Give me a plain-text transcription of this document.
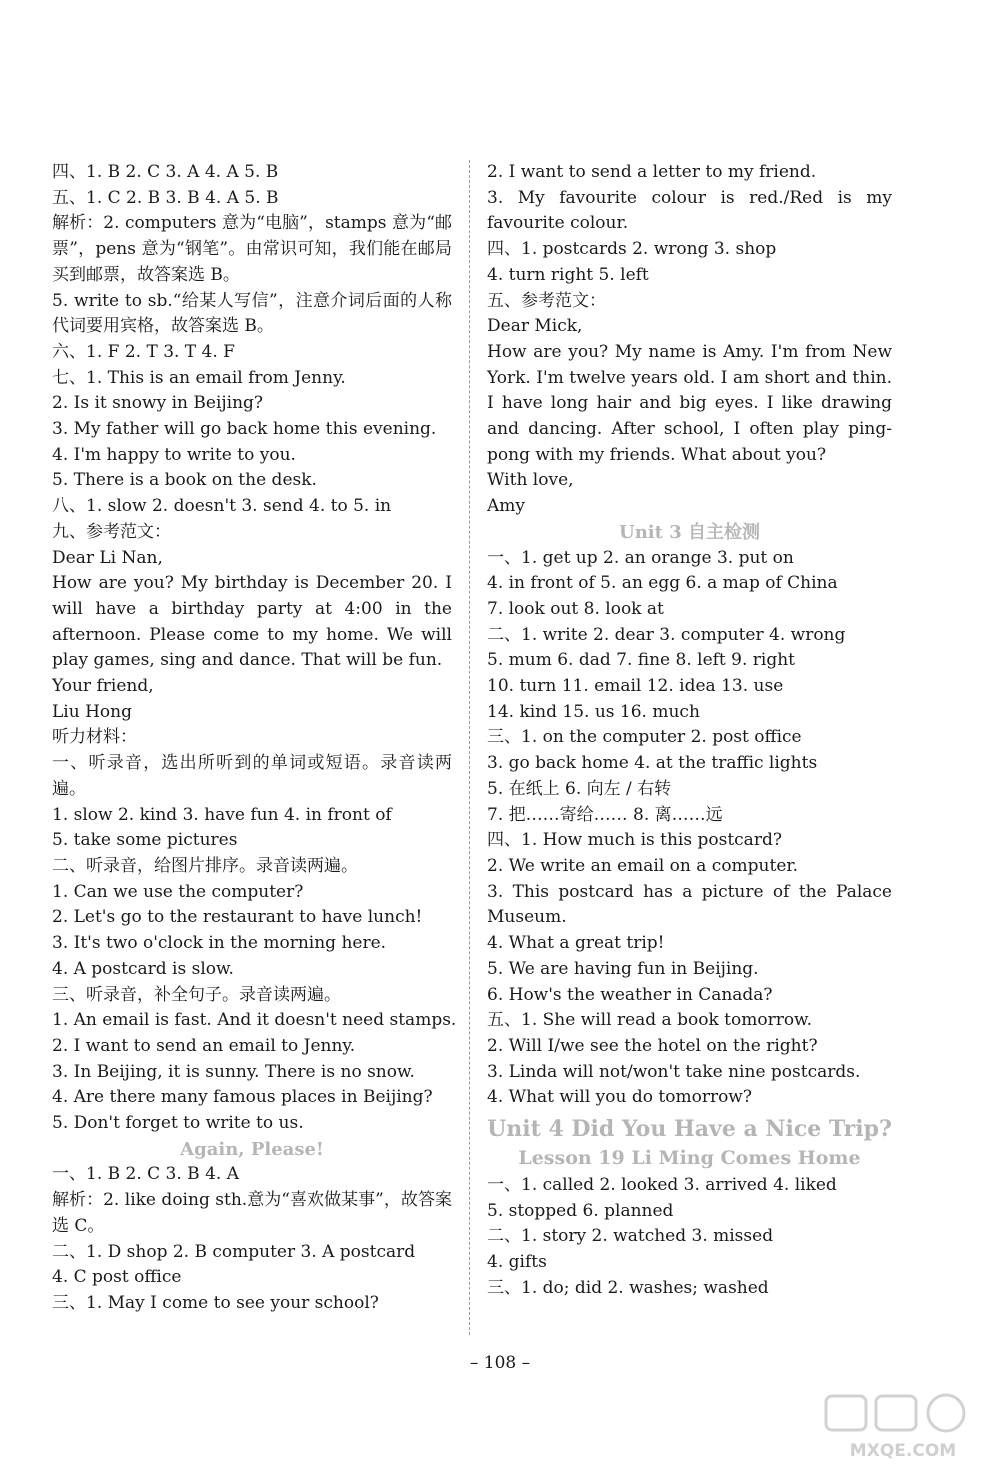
四、1. B 2. C 3. A 4. A 5. B
五、1. C 2. B 3. B 4. A 5. B
解析：2. computers 意为“电脑”，stamps 意为“邮票”，pens 意为“钢笔”。由常识可知，我们能在邮局买到邮票，故答案选 B。
5. write to sb.“给某人写信”，注意介词后面的人称代词要用宾格，故答案选 B。
六、1. F 2. T 3. T 4. F
七、1. This is an email from Jenny.
2. Is it snowy in Beijing?
3. My father will go back home this evening.
4. I'm happy to write to you.
5. There is a book on the desk.
八、1. slow 2. doesn't 3. send 4. to 5. in
九、参考范文：
Dear Li Nan,
How are you? My birthday is December 20. I will have a birthday party at 4:00 in the afternoon. Please come to my home. We will play games, sing and dance. That will be fun.
Your friend,
Liu Hong
听力材料：
一、听录音，选出所听到的单词或短语。录音读两遍。
1. slow 2. kind 3. have fun 4. in front of
5. take some pictures
二、听录音，给图片排序。录音读两遍。
1. Can we use the computer?
2. Let's go to the restaurant to have lunch!
3. It's two o'clock in the morning here.
4. A postcard is slow.
三、听录音，补全句子。录音读两遍。
1. An email is fast. And it doesn't need stamps.
2. I want to send an email to Jenny.
3. In Beijing, it is sunny. There is no snow.
4. Are there many famous places in Beijing?
5. Don't forget to write to us.
Again, Please!
一、1. B 2. C 3. B 4. A
解析：2. like doing sth.意为“喜欢做某事”，故答案选 C。
二、1. D shop 2. B computer 3. A postcard
4. C post office
三、1. May I come to see your school?
2. I want to send a letter to my friend.
3. My favourite colour is red./Red is my favourite colour.
四、1. postcards 2. wrong 3. shop
4. turn right 5. left
五、参考范文：
Dear Mick,
How are you? My name is Amy. I'm from New York. I'm twelve years old. I am short and thin. I have long hair and big eyes. I like drawing and dancing. After school, I often play ping-pong with my friends. What about you?
With love,
Amy
Unit 3 自主检测
一、1. get up 2. an orange 3. put on
4. in front of 5. an egg 6. a map of China
7. look out 8. look at
二、1. write 2. dear 3. computer 4. wrong
5. mum 6. dad 7. fine 8. left 9. right
10. turn 11. email 12. idea 13. use
14. kind 15. us 16. much
三、1. on the computer 2. post office
3. go back home 4. at the traffic lights
5. 在纸上 6. 向左 / 右转
7. 把……寄给…… 8. 离……远
四、1. How much is this postcard?
2. We write an email on a computer.
3. This postcard has a picture of the Palace Museum.
4. What a great trip!
5. We are having fun in Beijing.
6. How's the weather in Canada?
五、1. She will read a book tomorrow.
2. Will I/we see the hotel on the right?
3. Linda will not/won't take nine postcards.
4. What will you do tomorrow?
Unit 4 Did You Have a Nice Trip?
Lesson 19 Li Ming Comes Home
一、1. called 2. looked 3. arrived 4. liked
5. stopped 6. planned
二、1. story 2. watched 3. missed
4. gifts
三、1. do; did 2. washes; washed
– 108 –
MXQE.COM
